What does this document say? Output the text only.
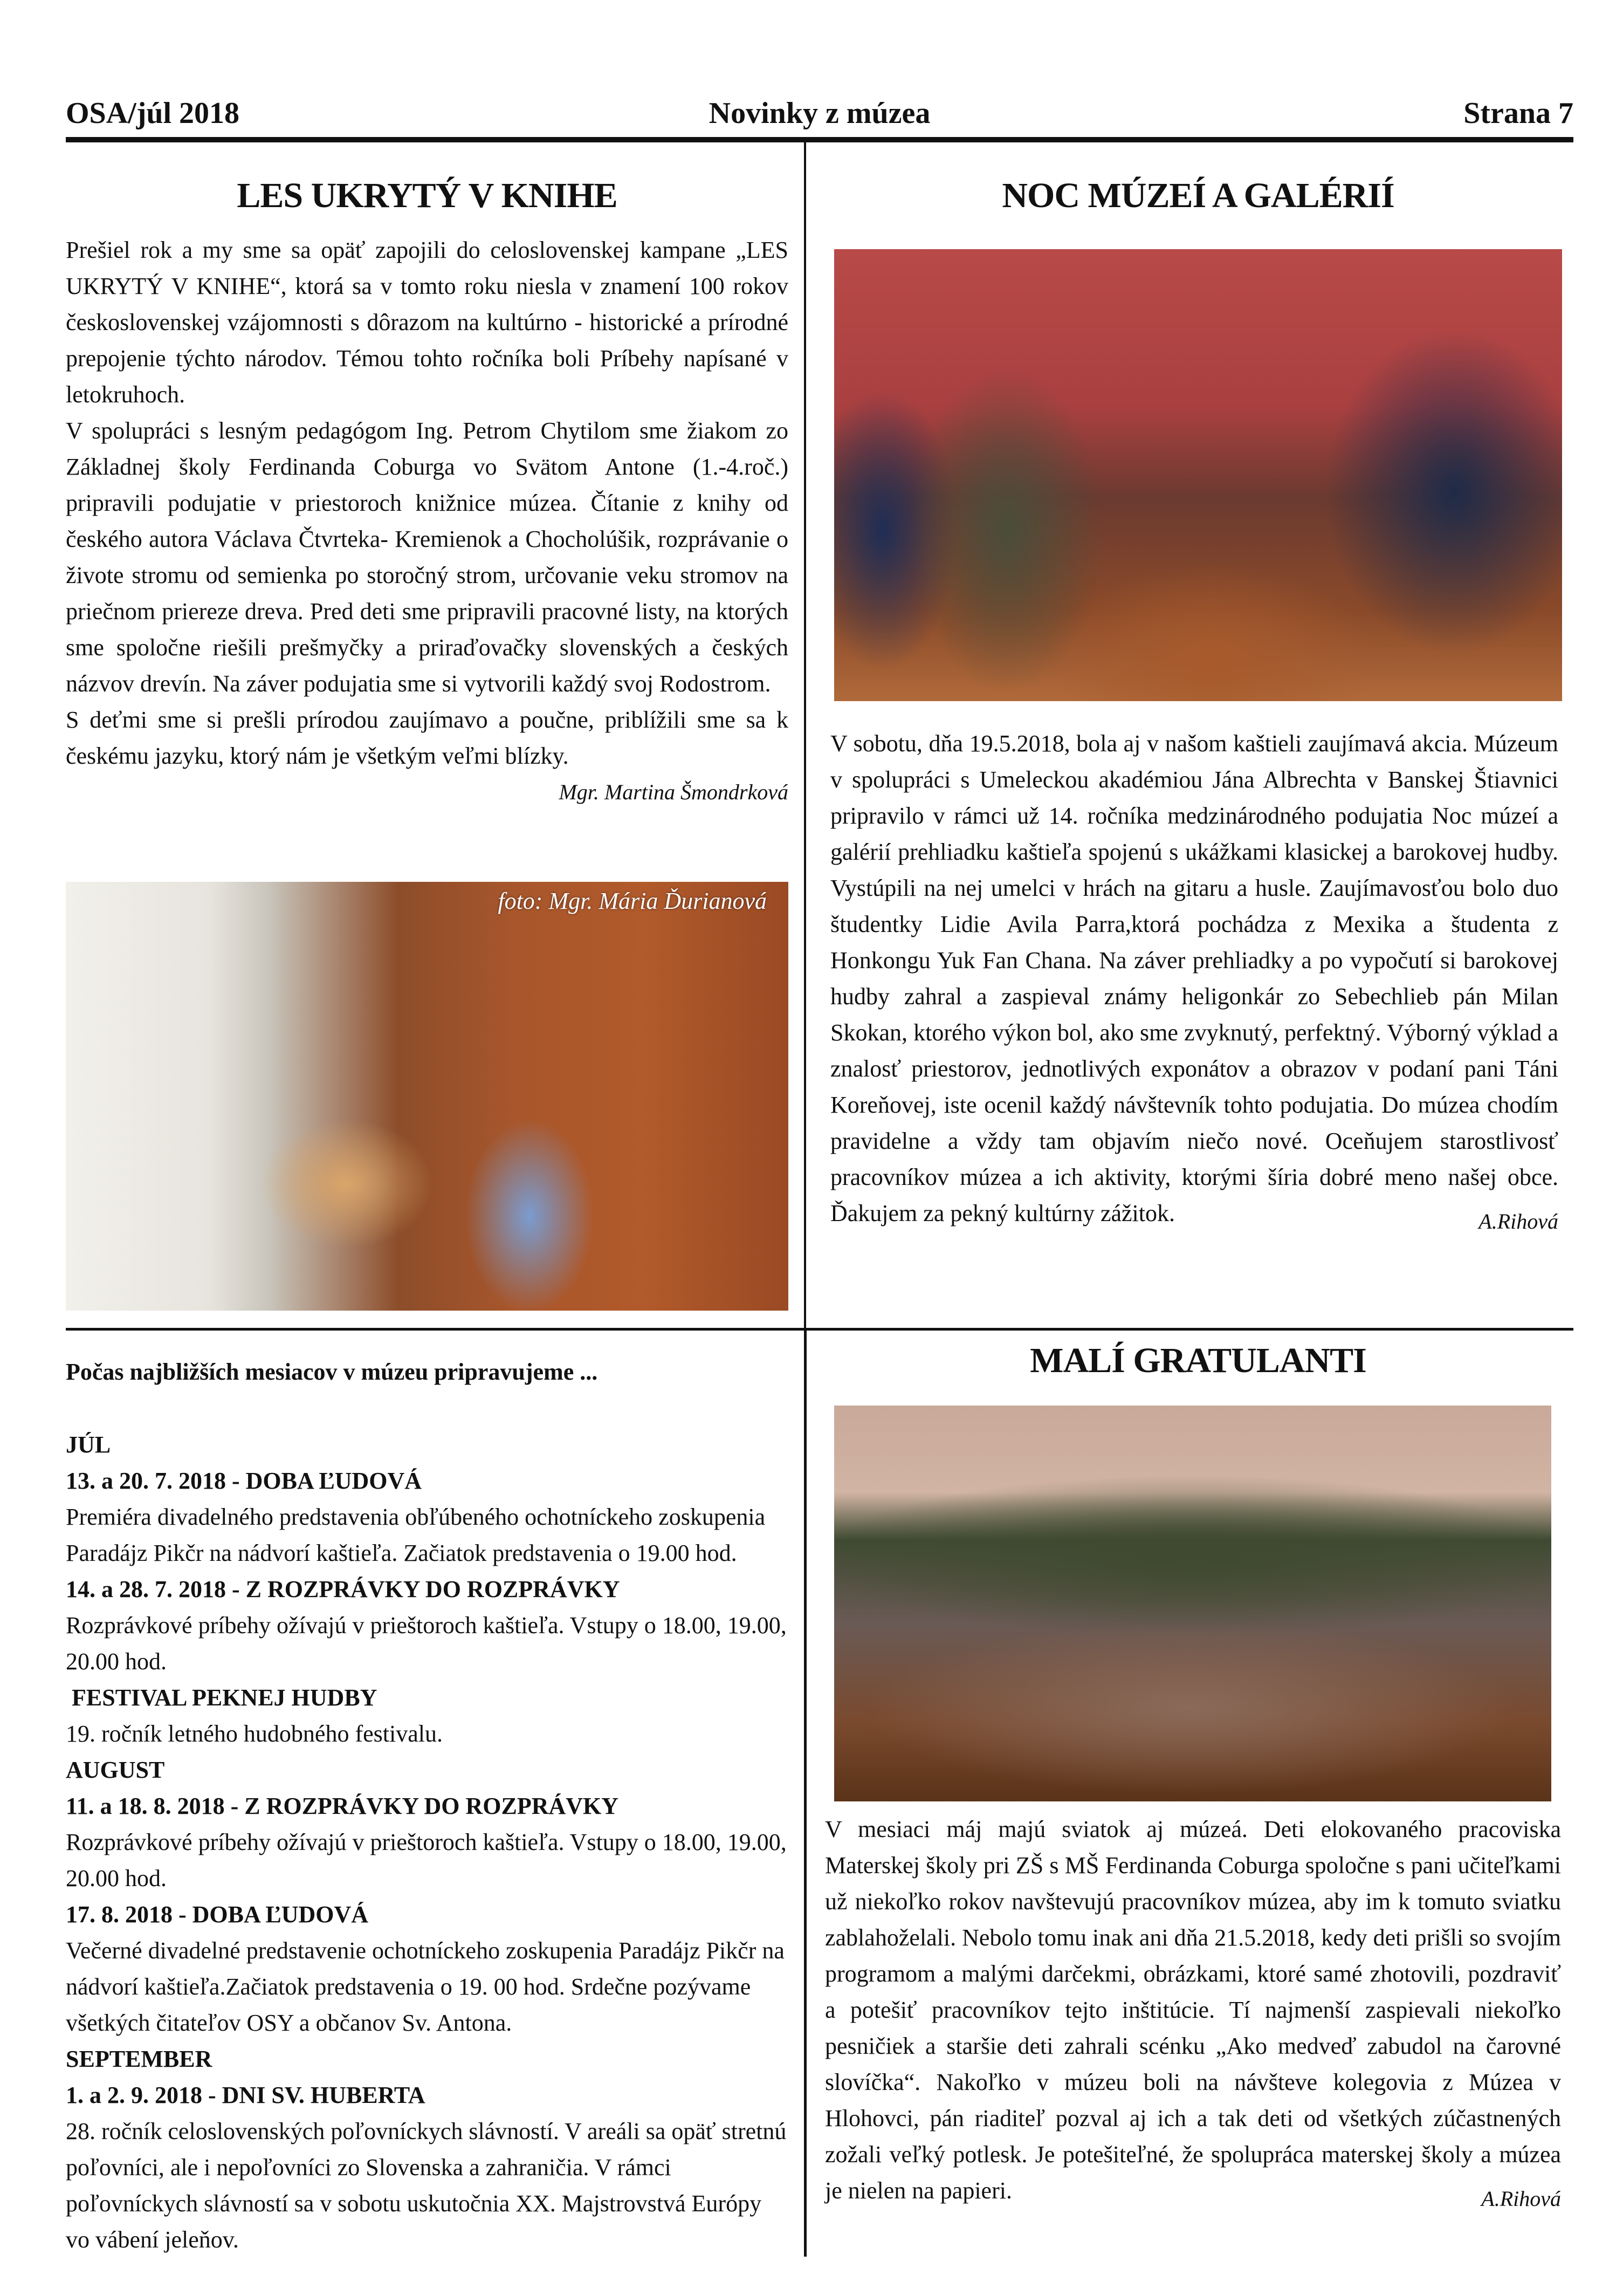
OSA/júl 2018	Novinky z múzea	Strana 7
LES UKRYTÝ V KNIHE

Prešiel rok a my sme sa opäť zapojili do celoslovenskej kampane „LES UKRYTÝ V KNIHE“, ktorá sa v tomto roku niesla v znamení 100 rokov československej vzájomnosti s dôrazom na kultúrno - historické a prírodné prepojenie týchto národov. Témou tohto ročníka boli Príbehy napísané v letokruhoch.

V spolupráci s lesným pedagógom Ing. Petrom Chytilom sme žiakom zo Základnej školy Ferdinanda Coburga vo Svätom Antone (1.-4.roč.) pripravili podujatie v priestoroch knižnice múzea. Čítanie z knihy od českého autora Václava Čtvrteka- Kremienok a Chocholúšik, rozprávanie o živote stromu od semienka po storočný strom, určovanie veku stromov na priečnom priereze dreva. Pred deti sme pripravili pracovné listy, na ktorých sme spoločne riešili prešmyčky a priraďovačky slovenských a českých názvov drevín. Na záver podujatia sme si vytvorili každý svoj Rodostrom.

S deťmi sme si prešli prírodou zaujímavo a poučne, priblížili sme sa k českému jazyku, ktorý nám je všetkým veľmi blízky.

Mgr. Martina Šmondrková

foto: Mgr. Mária Ďurianová
NOC MÚZEÍ A GALÉRIÍ

V sobotu, dňa 19.5.2018, bola aj v našom kaštieli zaujímavá akcia. Múzeum v spolupráci s Umeleckou akadémiou Jána Albrechta v Banskej Štiavnici pripravilo v rámci už 14. ročníka medzinárodného podujatia Noc múzeí a galérií prehliadku kaštieľa spojenú s ukážkami klasickej a barokovej hudby. Vystúpili na nej umelci v hrách na gitaru a husle. Zaujímavosťou bolo duo študentky Lidie Avila Parra,ktorá pochádza z Mexika a študenta z Honkongu Yuk Fan Chana. Na záver prehliadky a po vypočutí si barokovej hudby zahral a zaspieval známy heligonkár zo Sebechlieb pán Milan Skokan, ktorého výkon bol, ako sme zvyknutý, perfektný. Výborný výklad a znalosť priestorov, jednotlivých exponátov a obrazov v podaní pani Táni Koreňovej, iste ocenil každý návštevník tohto podujatia. Do múzea chodím pravidelne a vždy tam objavím niečo nové. Oceňujem starostlivosť pracovníkov múzea a ich aktivity, ktorými šíria dobré meno našej obce. Ďakujem za pekný kultúrny zážitok.	A.Rihová

Počas najbližších mesiacov v múzeu pripravujeme ...
JÚL
13. a 20. 7. 2018 - DOBA ĽUDOVÁ
Premiéra divadelného predstavenia obľúbeného ochotníckeho zoskupenia Paradájz Pikčr na nádvorí kaštieľa. Začiatok predstavenia o 19.00 hod.
14. a 28. 7. 2018 - Z ROZPRÁVKY DO ROZPRÁVKY
Rozprávkové príbehy ožívajú v prieštoroch kaštieľa. Vstupy o 18.00, 19.00, 20.00 hod.
FESTIVAL PEKNEJ HUDBY
19. ročník letného hudobného festivalu.
AUGUST
11. a 18. 8. 2018 - Z ROZPRÁVKY DO ROZPRÁVKY
Rozprávkové príbehy ožívajú v prieštoroch kaštieľa. Vstupy o 18.00, 19.00, 20.00 hod.
17. 8. 2018 - DOBA ĽUDOVÁ
Večerné divadelné predstavenie ochotníckeho zoskupenia Paradájz Pikčr na nádvorí kaštieľa.Začiatok predstavenia o 19. 00 hod. Srdečne pozývame všetkých čitateľov OSY a občanov Sv. Antona.
SEPTEMBER
1. a 2. 9. 2018 - DNI SV. HUBERTA
28. ročník celoslovenských poľovníckych slávností. V areáli sa opäť stretnú poľovníci, ale i nepoľovníci zo Slovenska a zahraničia. V rámci poľovníckych slávností sa v sobotu uskutočnia XX. Majstrovstvá Európy vo vábení jeleňov.
MALÍ GRATULANTI

V mesiaci máj majú sviatok aj múzeá. Deti elokovaného pracoviska Materskej školy pri ZŠ s MŠ Ferdinanda Coburga spoločne s pani učiteľkami už niekoľko rokov navštevujú pracovníkov múzea, aby im k tomuto sviatku zablahoželali. Nebolo tomu inak ani dňa 21.5.2018, kedy deti prišli so svojím programom a malými darčekmi, obrázkami, ktoré samé zhotovili, pozdraviť a potešiť pracovníkov tejto inštitúcie. Tí najmenší zaspievali niekoľko pesničiek a staršie deti zahrali scénku „Ako medveď zabudol na čarovné slovíčka“. Nakoľko v múzeu boli na návšteve kolegovia z Múzea v Hlohovci, pán riaditeľ pozval aj ich a tak deti od všetkých zúčastnených zožali veľký potlesk. Je potešiteľné, že spolupráca materskej školy a múzea je nielen na papieri.	A.Rihová
